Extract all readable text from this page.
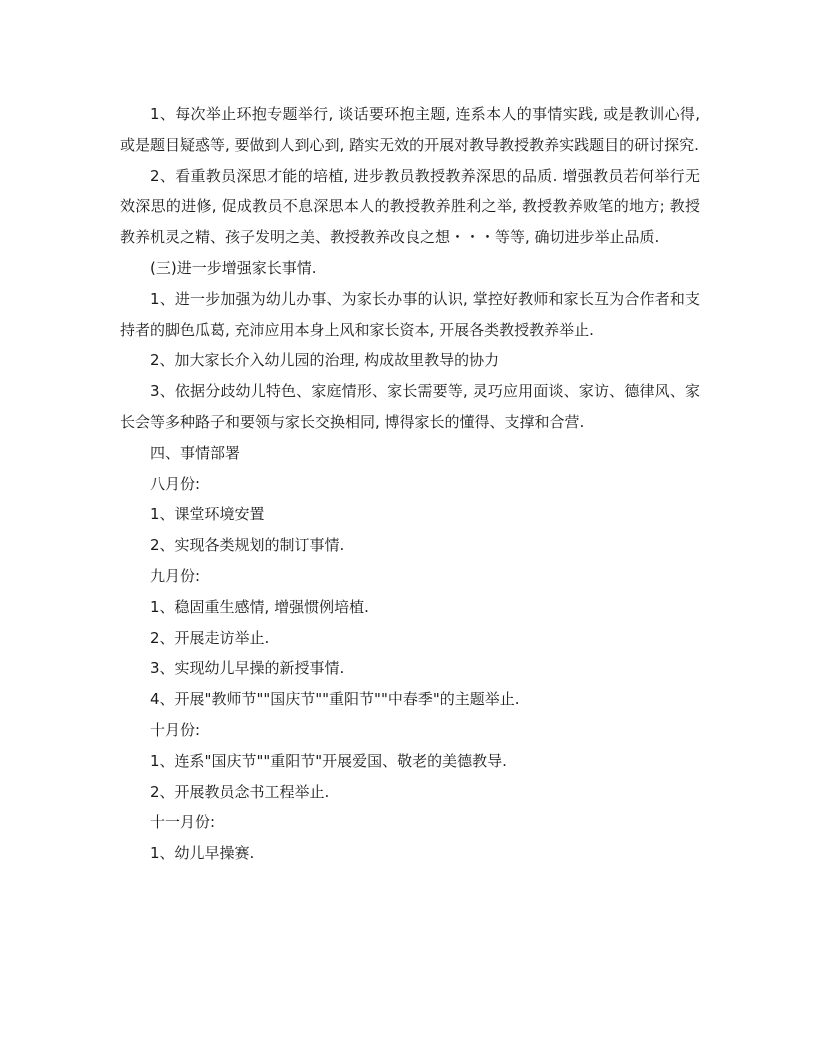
1、每次举止环抱专题举行, 谈话要环抱主题, 连系本人的事情实践, 或是教训心得, 或是题目疑惑等, 要做到人到心到, 踏实无效的开展对教导教授教养实践题目的研讨探究.

2、看重教员深思才能的培植, 进步教员教授教养深思的品质. 增强教员若何举行无效深思的进修, 促成教员不息深思本人的教授教养胜利之举, 教授教养败笔的地方; 教授教养机灵之精、孩子发明之美、教授教养改良之想・・・等等, 确切进步举止品质.

(三)进一步增强家长事情.

1、进一步加强为幼儿办事、为家长办事的认识, 掌控好教师和家长互为合作者和支持者的脚色瓜葛, 充沛应用本身上风和家长资本, 开展各类教授教养举止.

2、加大家长介入幼儿园的治理, 构成故里教导的协力

3、依据分歧幼儿特色、家庭情形、家长需要等, 灵巧应用面谈、家访、德律风、家长会等多种路子和要领与家长交换相同, 博得家长的懂得、支撑和合营.

四、事情部署

八月份:

1、课堂环境安置

2、实现各类规划的制订事情.

九月份:

1、稳固重生感情, 增强惯例培植.

2、开展走访举止.

3、实现幼儿早操的新授事情.

4、开展"教师节""国庆节""重阳节""中春季"的主题举止.

十月份:

1、连系"国庆节""重阳节"开展爱国、敬老的美德教导.

2、开展教员念书工程举止.

十一月份:

1、幼儿早操赛.
